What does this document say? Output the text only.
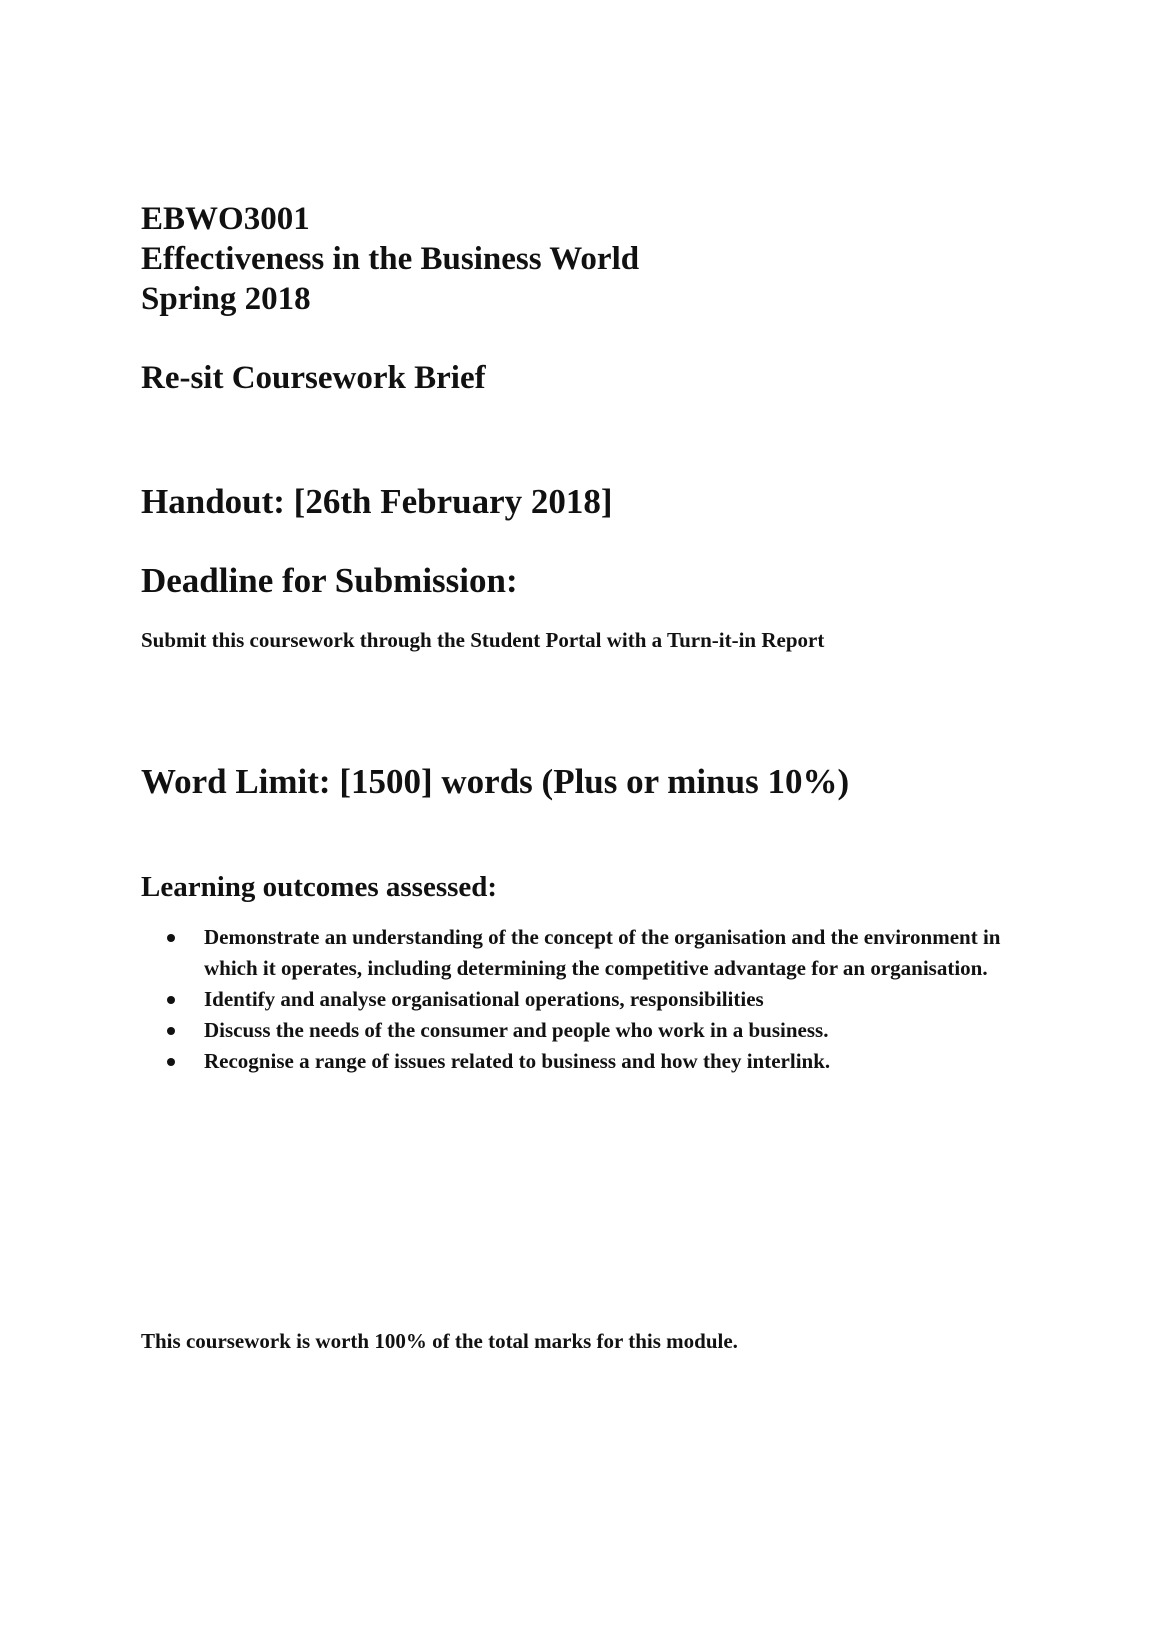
EBWO3001
Effectiveness in the Business World
Spring 2018
Re-sit Coursework Brief
Handout: [26th February 2018]
Deadline for Submission:
Submit this coursework through the Student Portal with a Turn-it-in Report
Word Limit: [1500] words (Plus or minus 10%)
Learning outcomes assessed:
Demonstrate an understanding of the concept of the organisation and the environment in which it operates, including determining the competitive advantage for an organisation.
Identify and analyse organisational operations, responsibilities
Discuss the needs of the consumer and people who work in a business.
Recognise a range of issues related to business and how they interlink.
This coursework is worth 100% of the total marks for this module.
